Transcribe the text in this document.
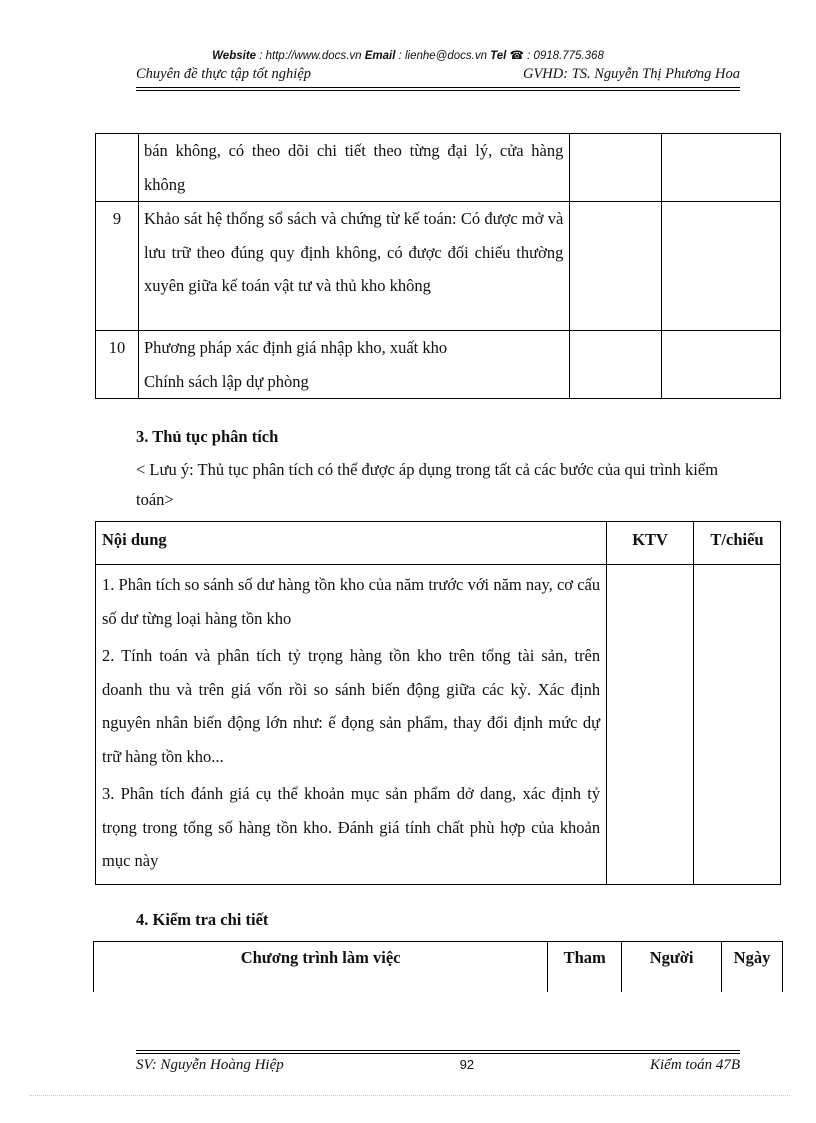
Website : http://www.docs.vn Email : lienhe@docs.vn Tel ☎ : 0918.775.368
Chuyên đề thực tập tốt nghiệp	GVHD: TS. Nguyễn Thị Phương Hoa
	bán không, có theo dõi chi tiết theo từng đại lý, cửa hàng không		
9	Khảo sát hệ thống sổ sách và chứng từ kế toán: Có được mở và lưu trữ theo đúng quy định không, có được đối chiếu thường xuyên giữa kế toán vật tư và thủ kho không		
10	Phương pháp xác định giá nhập kho, xuất kho
Chính sách lập dự phòng		

3. Thủ tục phân tích
< Lưu ý: Thủ tục phân tích có thể được áp dụng trong tất cả các bước của qui trình kiểm toán>
Nội dung	KTV	T/chiếu

1. Phân tích so sánh số dư hàng tồn kho của năm trước với năm nay, cơ cấu số dư từng loại hàng tồn kho

2. Tính toán và phân tích tỷ trọng hàng tồn kho trên tổng tài sản, trên doanh thu và trên giá vốn rồi so sánh biến động giữa các kỳ. Xác định nguyên nhân biến động lớn như: ế đọng sản phẩm, thay đổi định mức dự trữ hàng tồn kho...

3. Phân tích đánh giá cụ thể khoản mục sản phẩm dở dang, xác định tỷ trọng trong tổng số hàng tồn kho. Đánh giá tính chất phù hợp của khoản mục này		

4. Kiểm tra chi tiết
Chương trình làm việc	Tham	Người	Ngày
SV: Nguyễn Hoàng Hiệp	92	Kiểm toán 47B
